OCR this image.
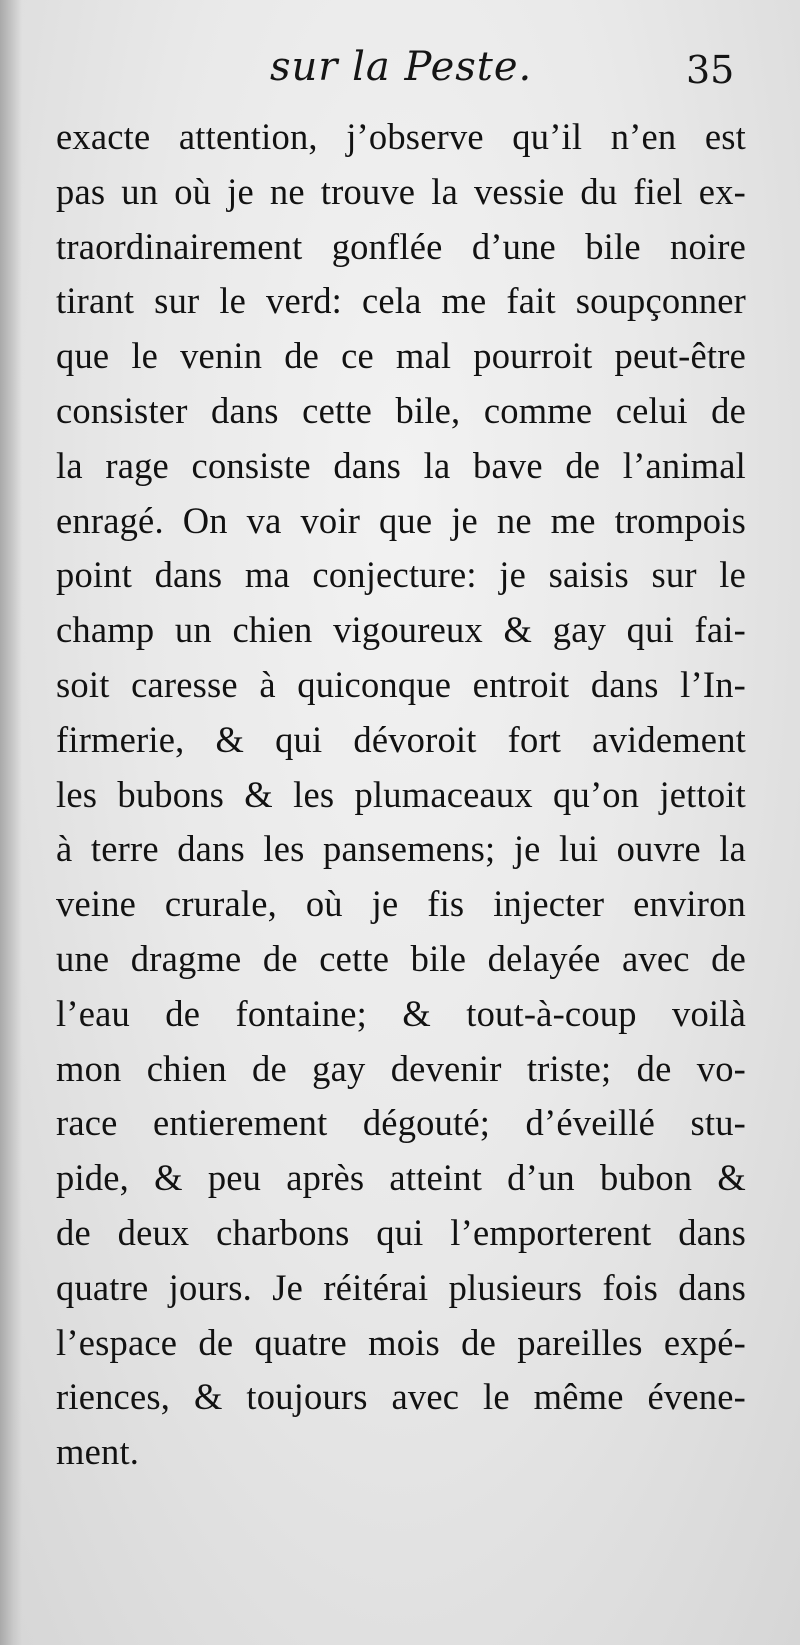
sur la Peste.	35
exacte attention, j’observe qu’il n’en est
pas un où je ne trouve la vessie du fiel ex-
traordinairement gonflée d’une bile noire
tirant sur le verd: cela me fait soupçonner
que le venin de ce mal pourroit peut-être
consister dans cette bile, comme celui de
la rage consiste dans la bave de l’animal
enragé. On va voir que je ne me trompois
point dans ma conjecture: je saisis sur le
champ un chien vigoureux & gay qui fai-
soit caresse à quiconque entroit dans l’In-
firmerie, & qui dévoroit fort avidement
les bubons & les plumaceaux qu’on jettoit
à terre dans les pansemens; je lui ouvre la
veine crurale, où je fis injecter environ
une dragme de cette bile delayée avec de
l’eau de fontaine; & tout-à-coup voilà
mon chien de gay devenir triste; de vo-
race entierement dégouté; d’éveillé stu-
pide, & peu après atteint d’un bubon &
de deux charbons qui l’emporterent dans
quatre jours. Je réitérai plusieurs fois dans
l’espace de quatre mois de pareilles expé-
riences, & toujours avec le même évene-
ment.
